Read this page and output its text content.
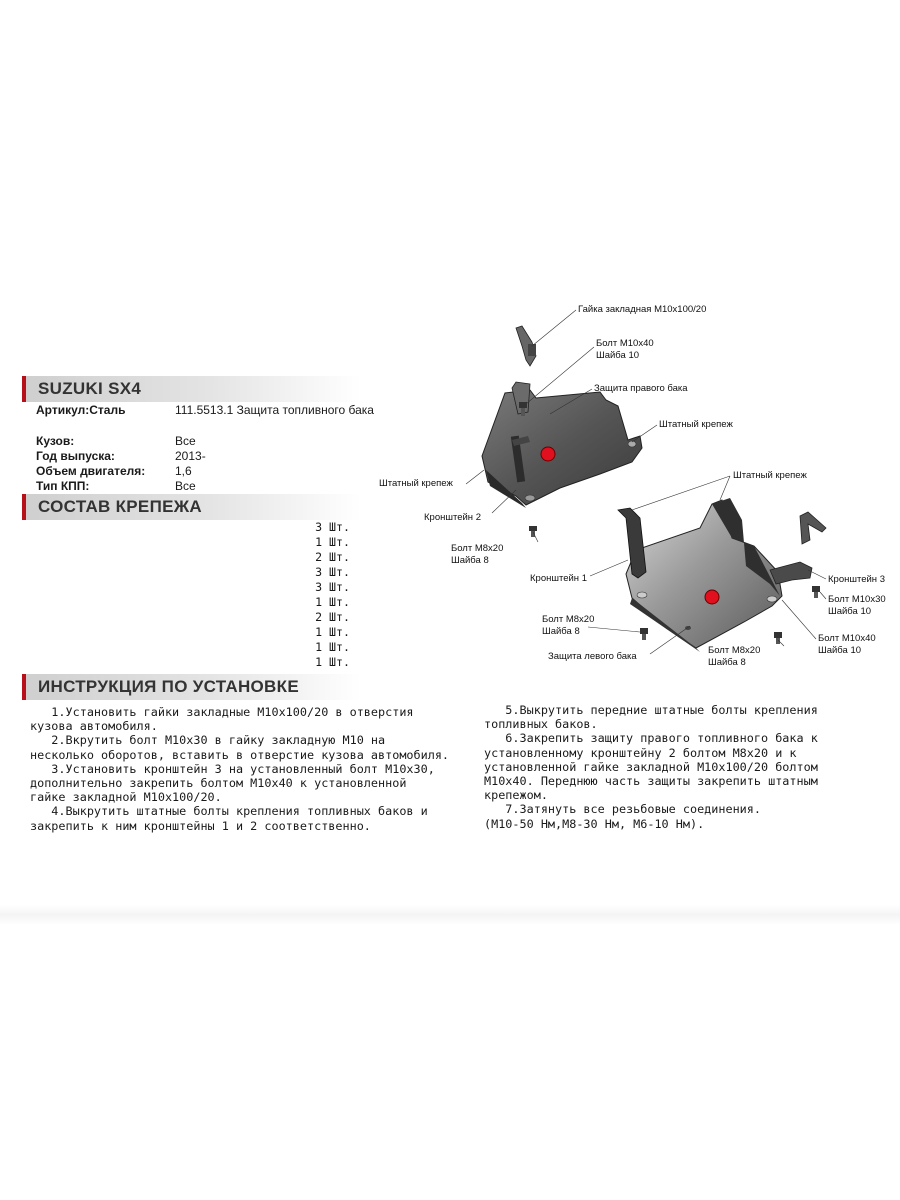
SUZUKI SX4
Артикул:Сталь	111.5513.1 Защита топливного бака
Кузов:	Все
Год выпуска:	2013-
Объем двигателя: 1,6
Тип КПП:	Все
СОСТАВ КРЕПЕЖА
3 Шт.
1 Шт.
2 Шт.
3 Шт.
3 Шт.
1 Шт.
2 Шт.
1 Шт.
1 Шт.
1 Шт.
ИНСТРУКЦИЯ ПО УСТАНОВКЕ
1.Установить гайки закладные М10х100/20 в отверстия
кузова автомобиля.
2.Вкрутить болт М10х30 в гайку закладную М10 на
несколько оборотов, вставить в отверстие кузова автомобиля.
3.Установить кронштейн 3 на установленный болт М10х30,
дополнительно закрепить болтом М10х40 к установленной
гайке закладной М10х100/20.
4.Выкрутить штатные болты крепления топливных баков и
закрепить к ним кронштейны 1 и 2 соответственно.
5.Выкрутить передние штатные болты крепления
топливных баков.
6.Закрепить защиту правого топливного бака к
установленному кронштейну 2 болтом М8х20 и к
установленной гайке закладной М10х100/20 болтом
М10х40. Переднюю часть защиты закрепить штатным
крепежом.
7.Затянуть все резьбовые соединения.
(М10-50 Нм,М8-30 Нм, М6-10 Нм).
Гайка закладная М10х100/20
Болт М10х40
Шайба 10
Защита правого бака
Штатный крепеж
Штатный крепеж
Штатный крепеж
Кронштейн 2
Болт М8х20
Шайба 8
Кронштейн 1	Кронштейн 3
Болт М10х30
Шайба 10
Болт М8х20
Шайба 8
Болт М10х40
Шайба 10
Болт М8х20
Шайба 8
Защита левого бака
